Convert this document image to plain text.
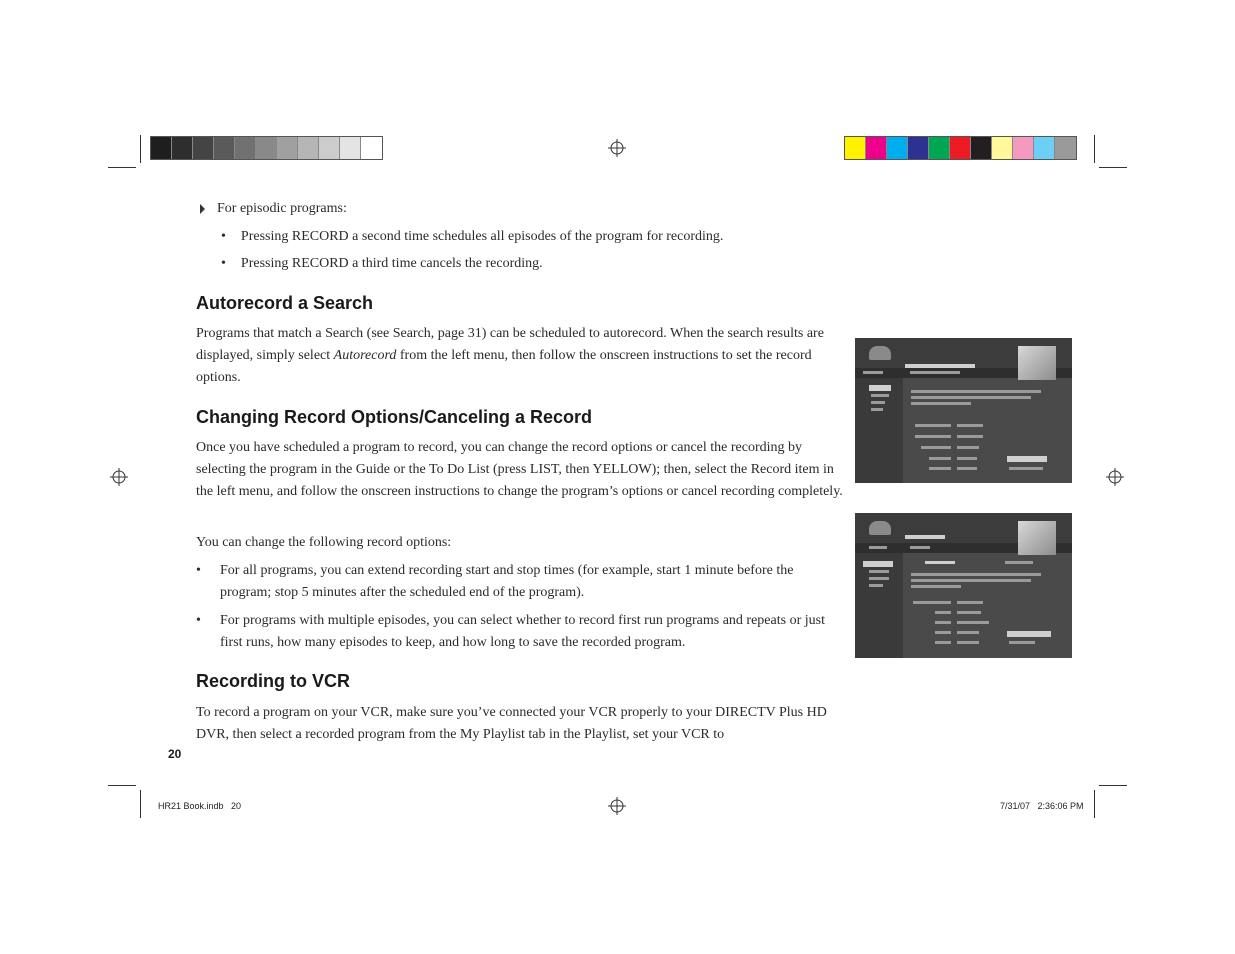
For episodic programs:
• Pressing RECORD a second time schedules all episodes of the program for recording.
• Pressing RECORD a third time cancels the recording.
Autorecord a Search
Programs that match a Search (see Search, page 31) can be scheduled to autorecord. When the search results are displayed, simply select Autorecord from the left menu, then follow the onscreen instructions to set the record options.
Changing Record Options/Canceling a Record
Once you have scheduled a program to record, you can change the record options or cancel the recording by selecting the program in the Guide or the To Do List (press LIST, then YELLOW); then, select the Record item in the left menu, and follow the onscreen instructions to change the program’s options or cancel recording completely.
You can change the following record options:
• For all programs, you can extend recording start and stop times (for example, start 1 minute before the program; stop 5 minutes after the scheduled end of the program).
• For programs with multiple episodes, you can select whether to record first run programs and repeats or just first runs, how many episodes to keep, and how long to save the recorded program.
Recording to VCR
To record a program on your VCR, make sure you’ve connected your VCR properly to your DIRECTV Plus HD DVR, then select a recorded program from the My Playlist tab in the Playlist, set your VCR to
20
HR21 Book.indb   20	7/31/07   2:36:06 PM
